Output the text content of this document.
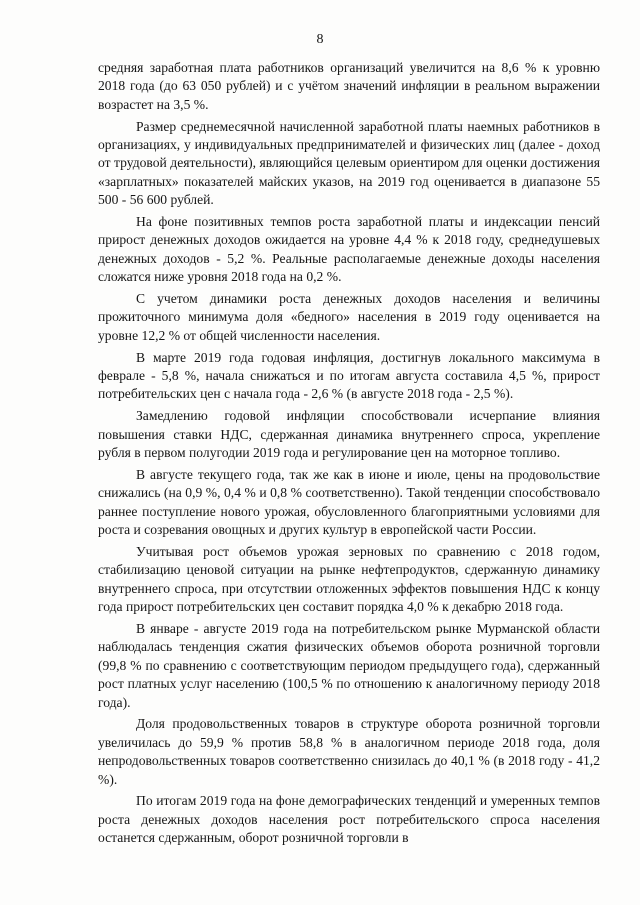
8

средняя заработная плата работников организаций увеличится на 8,6 % к уровню 2018 года (до 63 050 рублей) и с учётом значений инфляции в реальном выражении возрастет на 3,5 %.

Размер среднемесячной начисленной заработной платы наемных работников в организациях, у индивидуальных предпринимателей и физических лиц (далее - доход от трудовой деятельности), являющийся целевым ориентиром для оценки достижения «зарплатных» показателей майских указов, на 2019 год оценивается в диапазоне 55 500 - 56 600 рублей.

На фоне позитивных темпов роста заработной платы и индексации пенсий прирост денежных доходов ожидается на уровне 4,4 % к 2018 году, среднедушевых денежных доходов - 5,2 %. Реальные располагаемые денежные доходы населения сложатся ниже уровня 2018 года на 0,2 %.

С учетом динамики роста денежных доходов населения и величины прожиточного минимума доля «бедного» населения в 2019 году оценивается на уровне 12,2 % от общей численности населения.

В марте 2019 года годовая инфляция, достигнув локального максимума в феврале - 5,8 %, начала снижаться и по итогам августа составила 4,5 %, прирост потребительских цен с начала года - 2,6 % (в августе 2018 года - 2,5 %).

Замедлению годовой инфляции способствовали исчерпание влияния повышения ставки НДС, сдержанная динамика внутреннего спроса, укрепление рубля в первом полугодии 2019 года и регулирование цен на моторное топливо.

В августе текущего года, так же как в июне и июле, цены на продовольствие снижались (на 0,9 %, 0,4 % и 0,8 % соответственно). Такой тенденции способствовало раннее поступление нового урожая, обусловленного благоприятными условиями для роста и созревания овощных и других культур в европейской части России.

Учитывая рост объемов урожая зерновых по сравнению с 2018 годом, стабилизацию ценовой ситуации на рынке нефтепродуктов, сдержанную динамику внутреннего спроса, при отсутствии отложенных эффектов повышения НДС к концу года прирост потребительских цен составит порядка 4,0 % к декабрю 2018 года.

В январе - августе 2019 года на потребительском рынке Мурманской области наблюдалась тенденция сжатия физических объемов оборота розничной торговли (99,8 % по сравнению с соответствующим периодом предыдущего года), сдержанный рост платных услуг населению (100,5 % по отношению к аналогичному периоду 2018 года).

Доля продовольственных товаров в структуре оборота розничной торговли увеличилась до 59,9 % против 58,8 % в аналогичном периоде 2018 года, доля непродовольственных товаров соответственно снизилась до 40,1 % (в 2018 году - 41,2 %).

По итогам 2019 года на фоне демографических тенденций и умеренных темпов роста денежных доходов населения рост потребительского спроса населения останется сдержанным, оборот розничной торговли в
